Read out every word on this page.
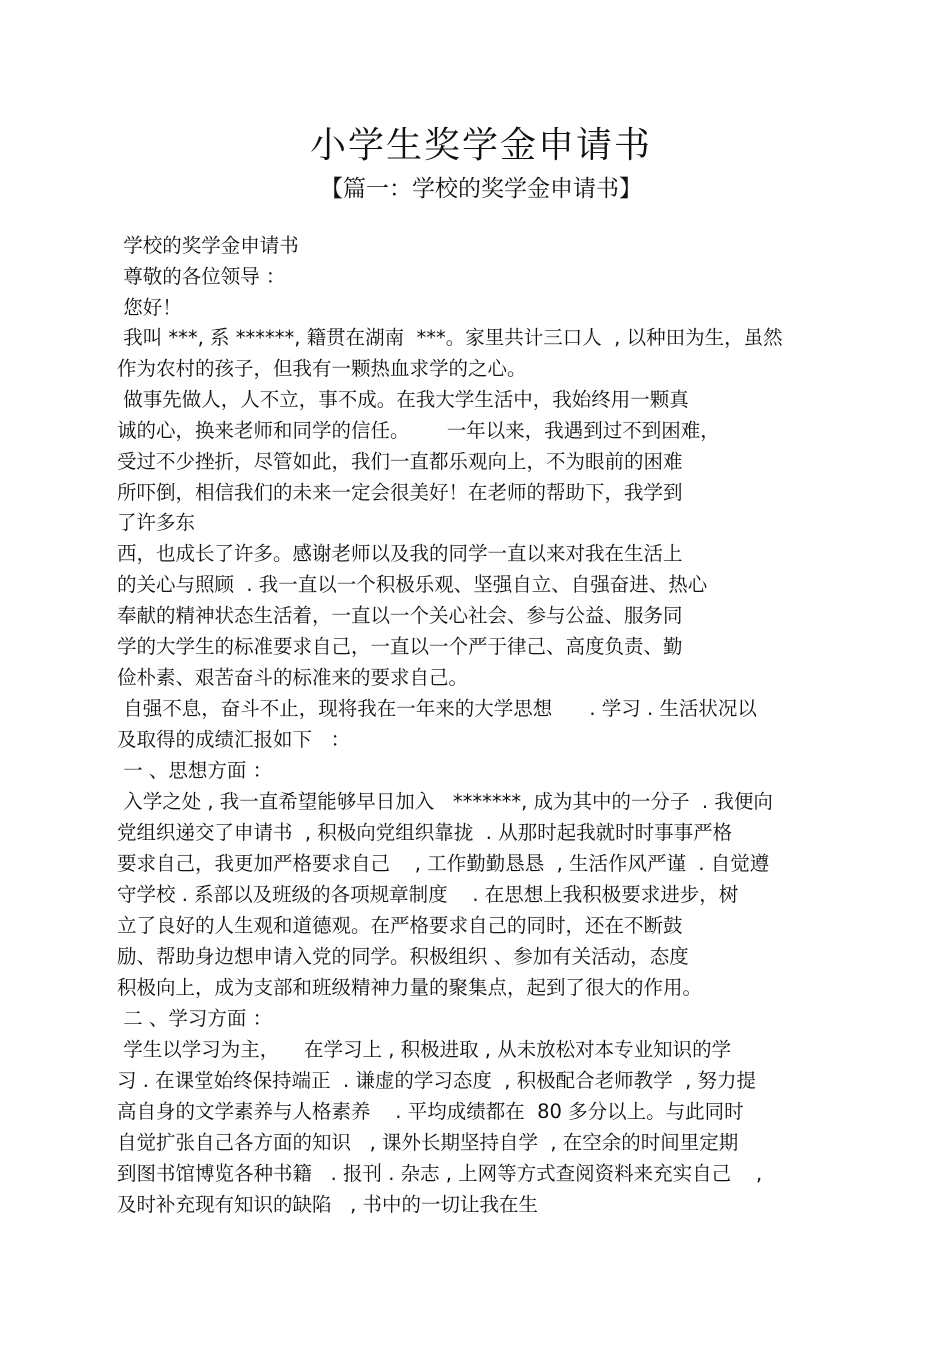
小学生奖学金申请书
【篇一：学校的奖学金申请书】
学校的奖学金申请书
尊敬的各位领导 ：
您好！
我叫 ***, 系 ******, 籍贯在湖南  ***。家里共计三口人  , 以种田为生，虽然
作为农村的孩子，但我有一颗热血求学的之心。
做事先做人，人不立，事不成。在我大学生活中，我始终用一颗真
诚的心，换来老师和同学的信任。      一年以来，我遇到过不到困难，
受过不少挫折，尽管如此，我们一直都乐观向上，不为眼前的困难
所吓倒，相信我们的未来一定会很美好！在老师的帮助下，我学到
了许多东
西，也成长了许多。感谢老师以及我的同学一直以来对我在生活上
的关心与照顾  . 我一直以一个积极乐观、坚强自立、自强奋进、热心
奉献的精神状态生活着，一直以一个关心社会、参与公益、服务同
学的大学生的标准要求自己，一直以一个严于律己、高度负责、勤
俭朴素、艰苦奋斗的标准来的要求自己。
自强不息，奋斗不止，现将我在一年来的大学思想      . 学习 . 生活状况以
及取得的成绩汇报如下   ：
一 、思想方面 ：
入学之处 , 我一直希望能够早日加入   *******, 成为其中的一分子  . 我便向
党组织递交了申请书  , 积极向党组织靠拢  . 从那时起我就时时事事严格
要求自己，我更加严格要求自己    , 工作勤勤恳恳  , 生活作风严谨  . 自觉遵
守学校 . 系部以及班级的各项规章制度    . 在思想上我积极要求进步，树
立了良好的人生观和道德观。在严格要求自己的同时，还在不断鼓
励、帮助身边想申请入党的同学。积极组织 、参加有关活动，态度
积极向上，成为支部和班级精神力量的聚集点，起到了很大的作用。
二 、学习方面 ：
学生以学习为主，    在学习上 , 积极进取 , 从未放松对本专业知识的学
习 . 在课堂始终保持端正  . 谦虚的学习态度  , 积极配合老师教学  , 努力提
高自身的文学素养与人格素养    . 平均成绩都在  80 多分以上。与此同时
自觉扩张自己各方面的知识   , 课外长期坚持自学  , 在空余的时间里定期
到图书馆博览各种书籍   . 报刊 . 杂志 , 上网等方式查阅资料来充实自己    ,
及时补充现有知识的缺陷   , 书中的一切让我在生
